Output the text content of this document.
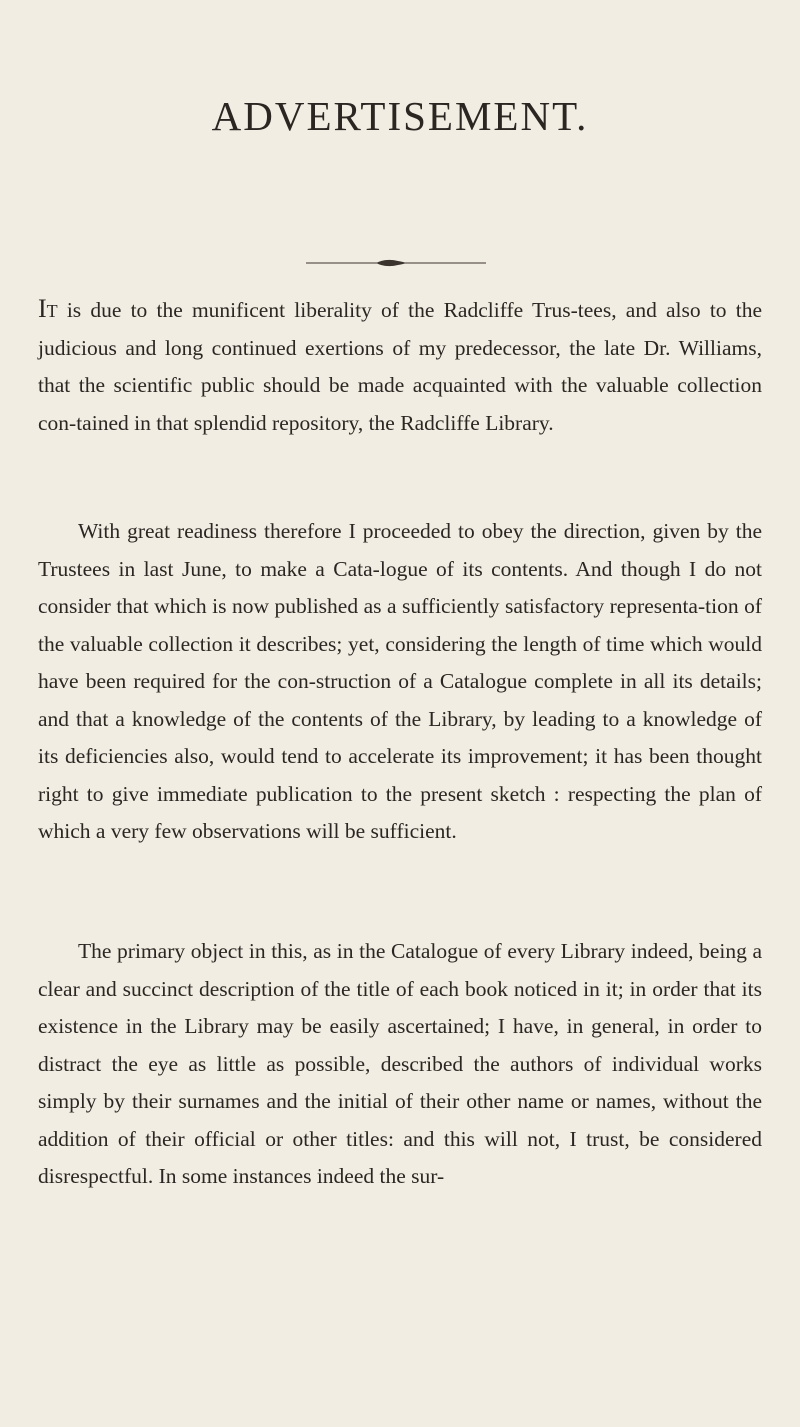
ADVERTISEMENT.

It is due to the munificent liberality of the Radcliffe Trus-tees, and also to the judicious and long continued exertions of my predecessor, the late Dr. Williams, that the scientific public should be made acquainted with the valuable collection con-tained in that splendid repository, the Radcliffe Library.

With great readiness therefore I proceeded to obey the direction, given by the Trustees in last June, to make a Cata-logue of its contents. And though I do not consider that which is now published as a sufficiently satisfactory representa-tion of the valuable collection it describes; yet, considering the length of time which would have been required for the con-struction of a Catalogue complete in all its details; and that a knowledge of the contents of the Library, by leading to a knowledge of its deficiencies also, would tend to accelerate its improvement; it has been thought right to give immediate publication to the present sketch : respecting the plan of which a very few observations will be sufficient.

The primary object in this, as in the Catalogue of every Library indeed, being a clear and succinct description of the title of each book noticed in it; in order that its existence in the Library may be easily ascertained; I have, in general, in order to distract the eye as little as possible, described the authors of individual works simply by their surnames and the initial of their other name or names, without the addition of their official or other titles: and this will not, I trust, be considered disrespectful. In some instances indeed the sur-
